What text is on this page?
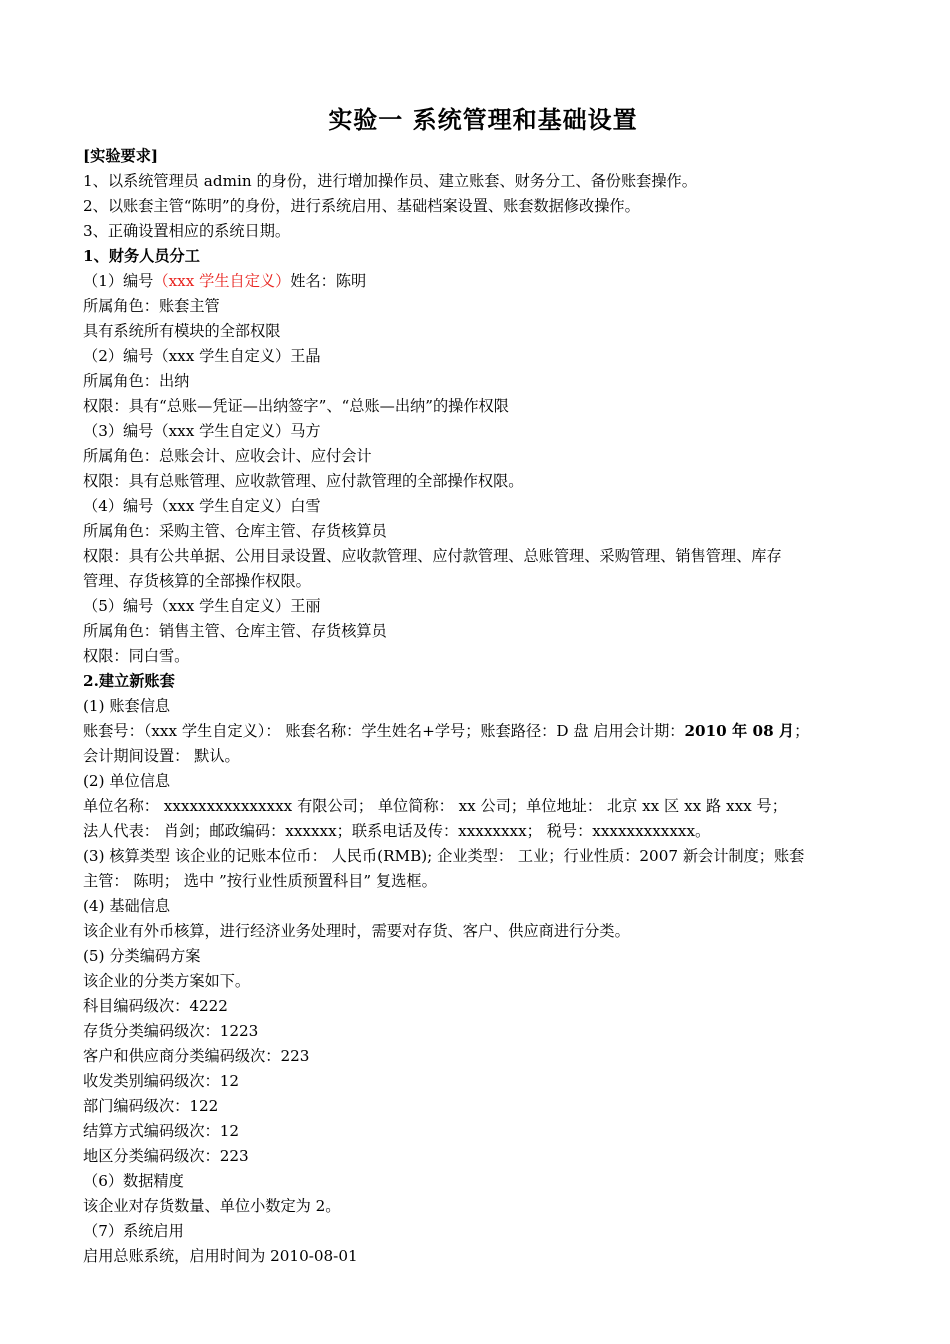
实验一 系统管理和基础设置
[实验要求]
1、以系统管理员 admin 的身份，进行增加操作员、建立账套、财务分工、备份账套操作。
2、以账套主管“陈明”的身份，进行系统启用、基础档案设置、账套数据修改操作。
3、正确设置相应的系统日期。
1、财务人员分工
（1）编号（xxx 学生自定义）姓名：陈明
所属角色：账套主管
具有系统所有模块的全部权限
（2）编号（xxx 学生自定义）王晶
所属角色：出纳
权限：具有“总账—凭证—出纳签字”、“总账—出纳”的操作权限
（3）编号（xxx 学生自定义）马方
所属角色：总账会计、应收会计、应付会计
权限：具有总账管理、应收款管理、应付款管理的全部操作权限。
（4）编号（xxx 学生自定义）白雪
所属角色：采购主管、仓库主管、存货核算员
权限：具有公共单据、公用目录设置、应收款管理、应付款管理、总账管理、采购管理、销售管理、库存
管理、存货核算的全部操作权限。
（5）编号（xxx 学生自定义）王丽
所属角色：销售主管、仓库主管、存货核算员
权限：同白雪。
2.建立新账套
(1) 账套信息
账套号：（xxx 学生自定义）： 账套名称：学生姓名+学号；账套路径：D 盘 启用会计期：2010 年 08 月；
会计期间设置： 默认。
(2) 单位信息
单位名称： xxxxxxxxxxxxxxx 有限公司； 单位简称： xx 公司；单位地址： 北京 xx 区 xx 路 xxx 号；
法人代表： 肖剑；邮政编码：xxxxxx；联系电话及传：xxxxxxxx； 税号：xxxxxxxxxxxx。
(3) 核算类型 该企业的记账本位币： 人民币(RMB); 企业类型： 工业；行业性质：2007 新会计制度；账套
主管： 陈明； 选中 ”按行业性质预置科目” 复选框。
(4) 基础信息
该企业有外币核算，进行经济业务处理时，需要对存货、客户、供应商进行分类。
(5) 分类编码方案
该企业的分类方案如下。
科目编码级次：4222
存货分类编码级次：1223
客户和供应商分类编码级次：223
收发类别编码级次：12
部门编码级次：122
结算方式编码级次：12
地区分类编码级次：223
（6）数据精度
该企业对存货数量、单位小数定为 2。
（7）系统启用
启用总账系统，启用时间为 2010-08-01
